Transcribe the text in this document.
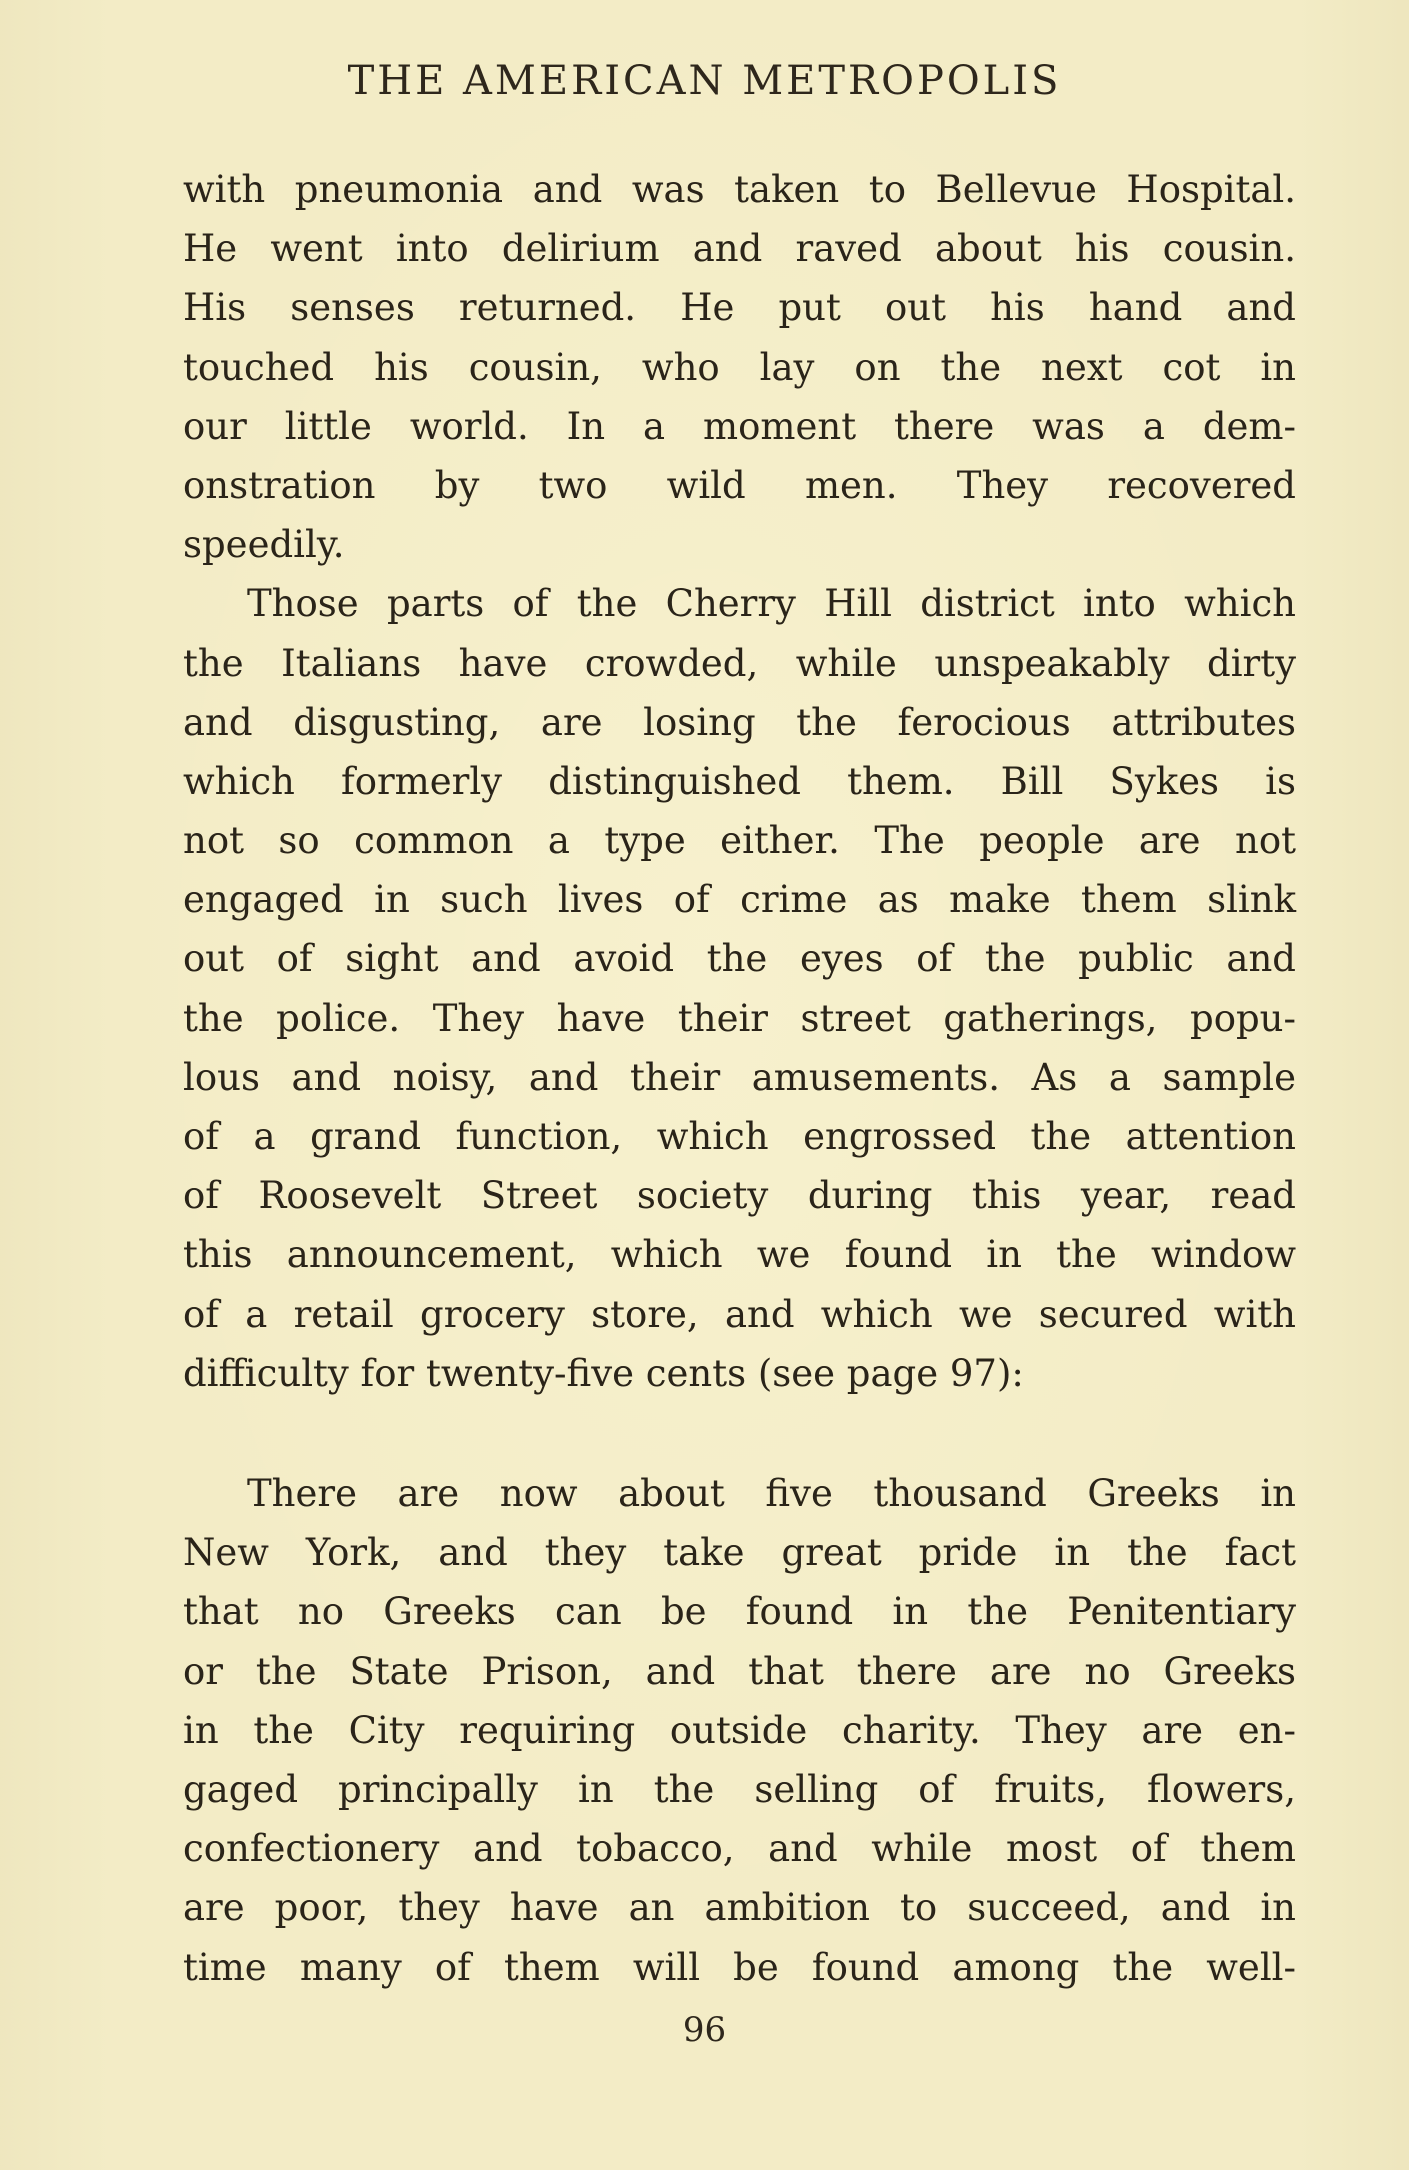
THE AMERICAN METROPOLIS
with pneumonia and was taken to Bellevue Hospital.
He went into delirium and raved about his cousin.
His senses returned. He put out his hand and
touched his cousin, who lay on the next cot in
our little world. In a moment there was a dem-
onstration by two wild men. They recovered
speedily.
Those parts of the Cherry Hill district into which
the Italians have crowded, while unspeakably dirty
and disgusting, are losing the ferocious attributes
which formerly distinguished them. Bill Sykes is
not so common a type either. The people are not
engaged in such lives of crime as make them slink
out of sight and avoid the eyes of the public and
the police. They have their street gatherings, popu-
lous and noisy, and their amusements. As a sample
of a grand function, which engrossed the attention
of Roosevelt Street society during this year, read
this announcement, which we found in the window
of a retail grocery store, and which we secured with
difficulty for twenty-five cents (see page 97):
There are now about five thousand Greeks in
New York, and they take great pride in the fact
that no Greeks can be found in the Penitentiary
or the State Prison, and that there are no Greeks
in the City requiring outside charity. They are en-
gaged principally in the selling of fruits, flowers,
confectionery and tobacco, and while most of them
are poor, they have an ambition to succeed, and in
time many of them will be found among the well-
96
